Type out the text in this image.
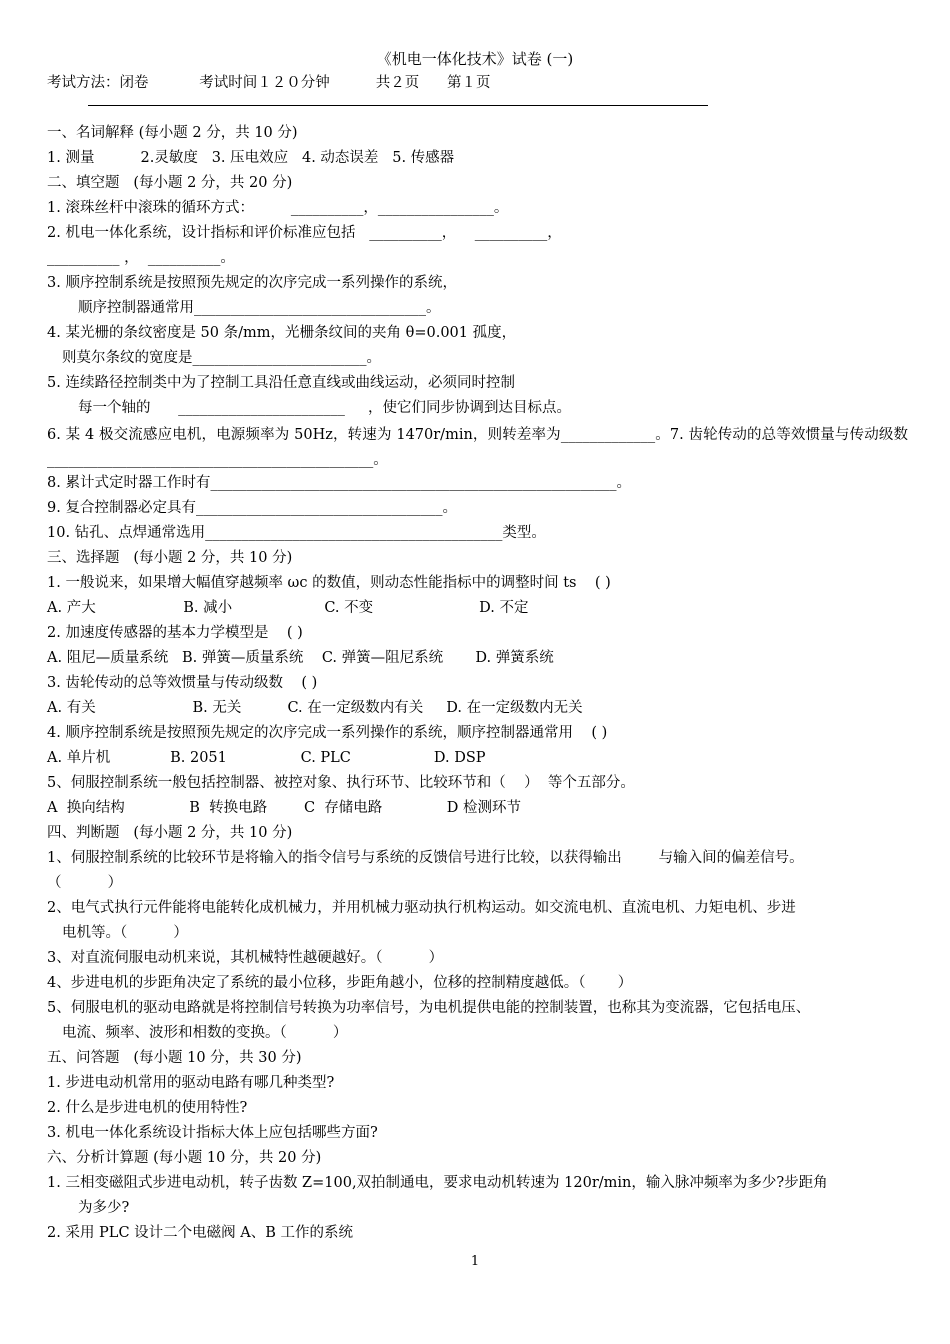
《机电一体化技术》试卷 (一)
考试方法：闭卷           考试时间１２０分钟          共２页      第１页
一、名词解释 (每小题 2 分，共 10 分)
1. 测量          2.灵敏度   3. 压电效应   4. 动态误差   5. 传感器
二、填空题   (每小题 2 分，共 20 分)
1. 滚珠丝杆中滚珠的循环方式：        __________，________________。
2. 机电一体化系统，设计指标和评价标准应包括   __________，    __________，
__________ ，  __________。
3. 顺序控制系统是按照预先规定的次序完成一系列操作的系统，
顺序控制器通常用________________________________。
4. 某光栅的条纹密度是 50 条/mm，光栅条纹间的夹角 θ=0.001 孤度，
则莫尔条纹的宽度是________________________。
5. 连续路径控制类中为了控制工具沿任意直线或曲线运动，必须同时控制
每一个轴的      _______________________     ，使它们同步协调到达目标点。
6. 某 4 极交流感应电机，电源频率为 50Hz，转速为 1470r/min，则转差率为_____________。7. 齿轮传动的总等效惯量与传动级数_____________________________________________。
8. 累计式定时器工作时有________________________________________________________。
9. 复合控制器必定具有__________________________________。
10. 钻孔、点焊通常选用_________________________________________类型。
三、选择题   (每小题 2 分，共 10 分)
1. 一般说来，如果增大幅值穿越频率 ωc 的数值，则动态性能指标中的调整时间 ts    ( )
A. 产大                   B. 减小                    C. 不变                       D. 不定
2. 加速度传感器的基本力学模型是    ( )
A. 阻尼—质量系统   B. 弹簧—质量系统    C. 弹簧—阻尼系统       D. 弹簧系统
3. 齿轮传动的总等效惯量与传动级数    ( )
A. 有关                     B. 无关          C. 在一定级数内有关     D. 在一定级数内无关
4. 顺序控制系统是按照预先规定的次序完成一系列操作的系统，顺序控制器通常用    ( )
A. 单片机             B. 2051                C. PLC                  D. DSP
5、伺服控制系统一般包括控制器、被控对象、执行环节、比较环节和（    ）  等个五部分。
A  换向结构              B  转换电路        C  存储电路              D 检测环节
四、判断题   (每小题 2 分，共 10 分)
1、伺服控制系统的比较环节是将输入的指令信号与系统的反馈信号进行比较，以获得输出        与输入间的偏差信号。
（          ）
2、电气式执行元件能将电能转化成机械力，并用机械力驱动执行机构运动。如交流电机、直流电机、力矩电机、步进
电机等。（          ）
3、对直流伺服电动机来说，其机械特性越硬越好。（          ）
4、步进电机的步距角决定了系统的最小位移，步距角越小，位移的控制精度越低。（       ）
5、伺服电机的驱动电路就是将控制信号转换为功率信号，为电机提供电能的控制装置，也称其为变流器，它包括电压、
电流、频率、波形和相数的变换。（          ）
五、问答题   (每小题 10 分，共 30 分)
1. 步进电动机常用的驱动电路有哪几种类型?
2. 什么是步进电机的使用特性?
3. 机电一体化系统设计指标大体上应包括哪些方面?
六、分析计算题 (每小题 10 分，共 20 分)
1. 三相变磁阻式步进电动机，转子齿数 Z=100,双拍制通电，要求电动机转速为 120r/min，输入脉冲频率为多少?步距角
为多少?
2. 采用 PLC 设计二个电磁阀 A、B 工作的系统
1
